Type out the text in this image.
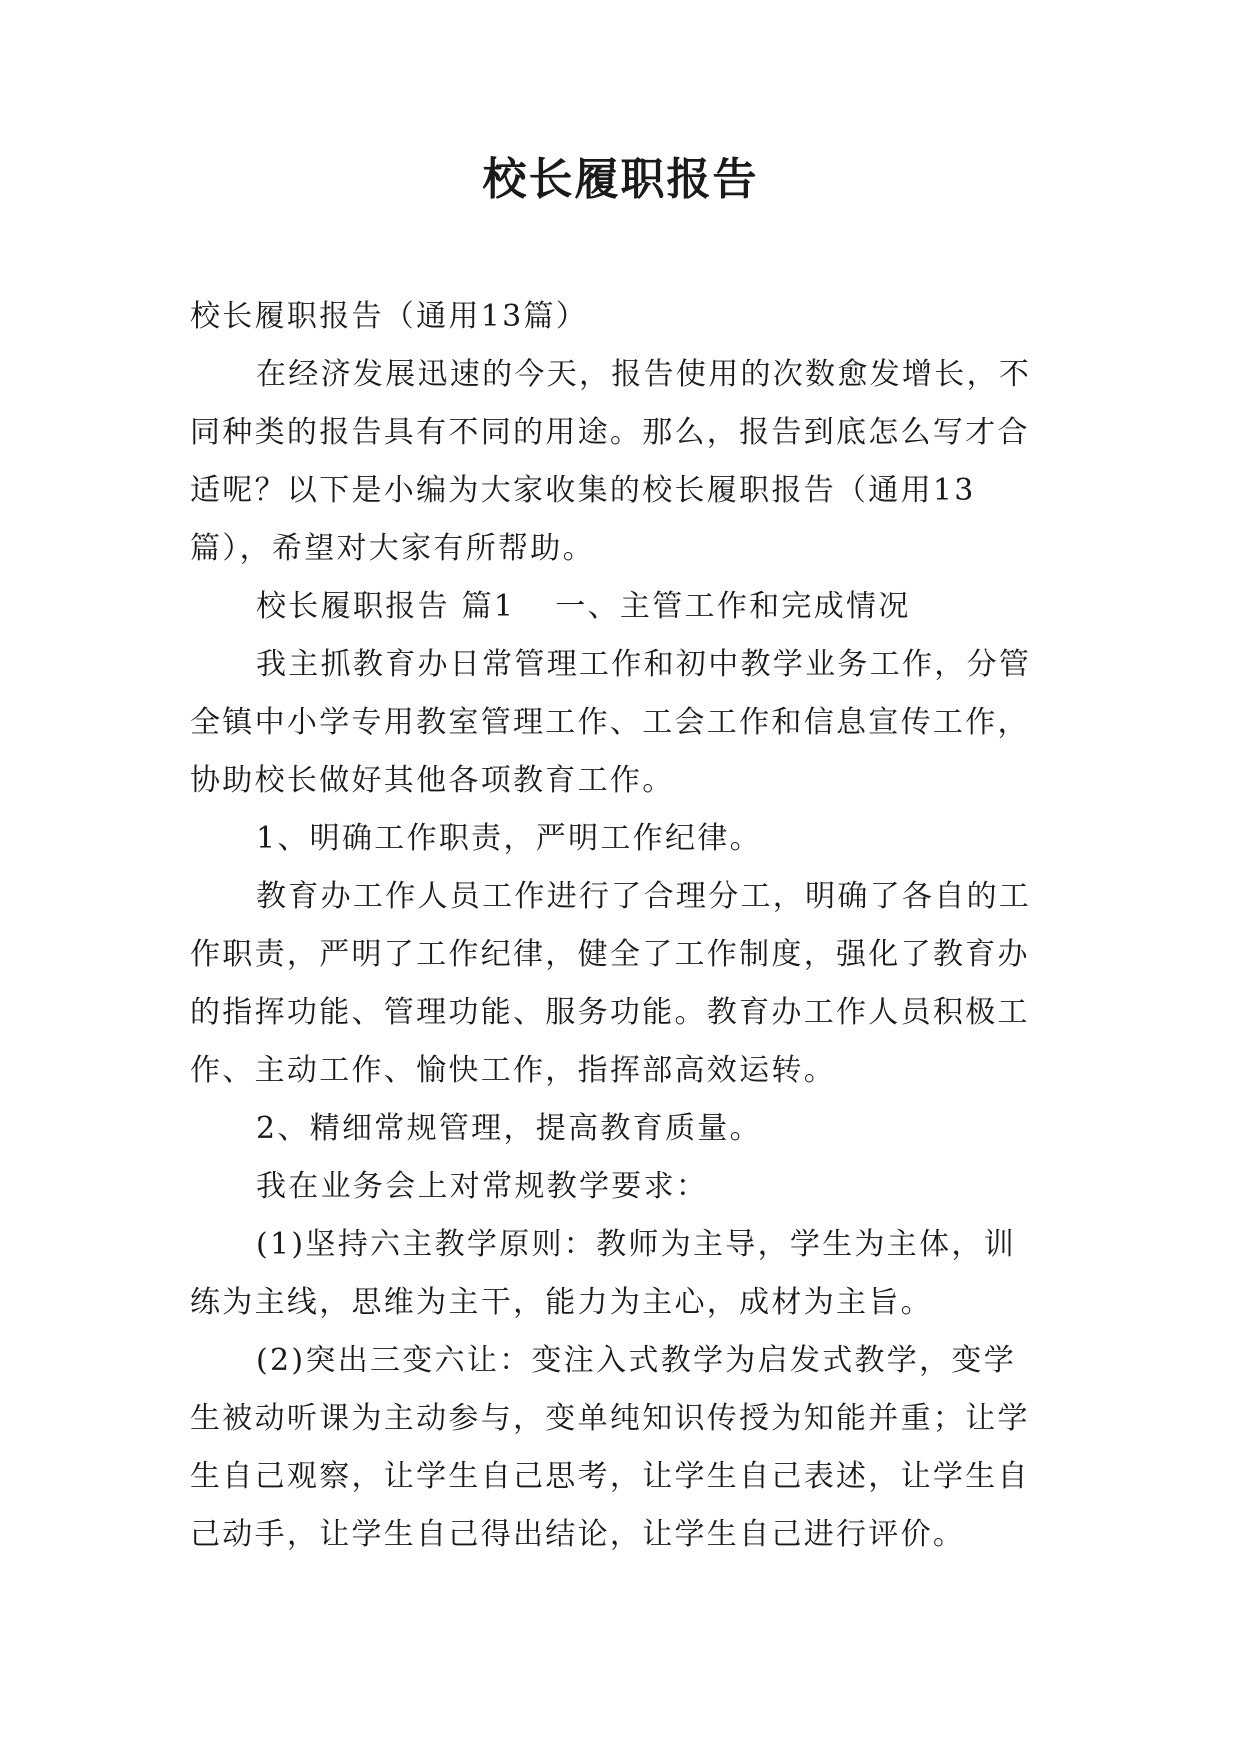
校长履职报告

校长履职报告（通用13篇）

在经济发展迅速的今天，报告使用的次数愈发增长，不同种类的报告具有不同的用途。那么，报告到底怎么写才合适呢？以下是小编为大家收集的校长履职报告（通用13篇），希望对大家有所帮助。

校长履职报告 篇1 一、主管工作和完成情况

我主抓教育办日常管理工作和初中教学业务工作，分管全镇中小学专用教室管理工作、工会工作和信息宣传工作，协助校长做好其他各项教育工作。

1、明确工作职责，严明工作纪律。

教育办工作人员工作进行了合理分工，明确了各自的工作职责，严明了工作纪律，健全了工作制度，强化了教育办的指挥功能、管理功能、服务功能。教育办工作人员积极工作、主动工作、愉快工作，指挥部高效运转。

2、精细常规管理，提高教育质量。

我在业务会上对常规教学要求：

(1)坚持六主教学原则：教师为主导，学生为主体，训练为主线，思维为主干，能力为主心，成材为主旨。

(2)突出三变六让：变注入式教学为启发式教学，变学生被动听课为主动参与，变单纯知识传授为知能并重；让学生自己观察，让学生自己思考，让学生自己表述，让学生自己动手，让学生自己得出结论，让学生自己进行评价。
